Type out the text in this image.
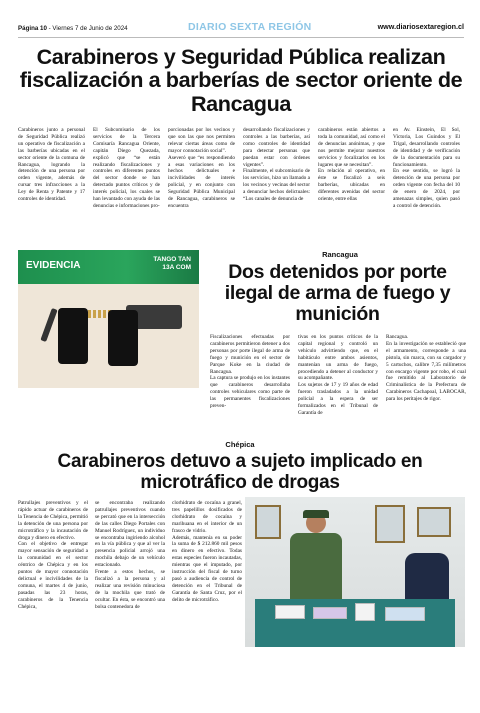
Página 10 - Viernes 7 de Junio de 2024	DIARIO SEXTA REGIÓN	www.diariosextaregion.cl
Carabineros y Seguridad Pública realizan fiscalización a barberías de sector oriente de Rancagua
Carabineros junto a personal de Seguridad Pública realizó un operativo de fiscalización a las barberías ubicadas en el sector oriente de la comuna de Rancagua, logrando la detención de una persona por orden vigente, además de cursar tres infracciones a la Ley de Renta y Patente y 17 controles de identidad.
El Subcomisario de los servicios de la Tercera Comisaría Rancagua Oriente, capitán Diego Quezada, explicó que “se están realizando fiscalizaciones y controles en diferentes puntos del sector donde se han detectado puntos críticos y de interés policial, los cuales se han levantado con ayuda de las denuncias e informaciones pro-
porcionadas por los vecinos y que son las que nos permiten relevar ciertas áreas como de mayor connotación social”.
Aseveró que “es respondiendo a esas variaciones en los hechos delictuales e incivilidades de interés policial, y en conjunto con Seguridad Pública Municipal de Rancagua, carabineros se encuentra
desarrollando fiscalizaciones y controles a las barberías, así como controles de identidad para detectar personas que puedan estar con órdenes vigentes”.
Finalmente, el subcomisario de los servicios, hizo un llamado a los vecinos y vecinas del sector a denunciar hechos delictuales: “Los canales de denuncia de
carabineros están abiertos a toda la comunidad, así como el de denuncias anónimas, y que nos permite mejorar nuestros servicios y focalizarlos en los lugares que se necesitan”.
En relación al operativo, en éste se fiscalizó a seis barberías, ubicadas en diferentes avenidas del sector oriente, entre ellas
en Av. Einstein, El Sol, Victoria, Los Guindos y El Trigal, desarrollando controles de identidad y de verificación de la documentación para su funcionamiento.
En ese sentido, se logró la detención de una persona por orden vigente con fecha del 10 de enero de 2024, por amenazas simples, quien pasó a control de detención.
EVIDENCIA
TANGO TAN
13A COM
Rancagua
Dos detenidos por porte ilegal de arma de fuego y munición
Fiscalizaciones efectuadas por carabineros permitieron detener a dos personas por porte ilegal de arma de fuego y munición en el sector de Parque Koke en la ciudad de Rancagua.
La captura se produjo en los instantes que carabineros desarrollaba controles vehiculares como parte de las permanentes fiscalizaciones preven-
tivas en los puntos críticos de la capital regional y controló un vehículo advirtiendo que, en el habitáculo entre ambos asientos, mantenían un arma de fuego, procediendo a detener al conductor y su acompañante.
Los sujetos de 17 y 19 años de edad fueron trasladados a la unidad policial a la espera de ser formalizados en el Tribunal de Garantía de
Rancagua.
En la investigación se estableció que el armamento, corresponde a una pistola, sin marca, con su cargador y 5 cartuchos, calibre 7,35 milímetros con encargo vigente por robo, el cual fue remitido al Laboratorio de Criminalística de la Prefectura de Carabineros Cachapoal, LABOCAR, para los peritajes de rigor.
Chépica
Carabineros detuvo a sujeto implicado en microtráfico de drogas
Patrullajes preventivos y el rápido actuar de carabineros de la Tenencia de Chépica, permitió la detención de una persona por microtráfico y la incautación de droga y dinero en efectivo.
Con el objetivo de entregar mayor sensación de seguridad a la comunidad en el sector céntrico de Chépica y en los puntos de mayor connotación delictual e incivilidades de la comuna, el martes 4 de junio, pasadas las 23 horas, carabineros de la Tenencia Chépica,
se encontraba realizando patrullajes preventivos cuando se percató que en la intersección de las calles Diego Portales con Manuel Rodríguez, un individuo se encontraba ingiriendo alcohol en la vía pública y que al ver la presencia policial arrojó una mochila debajo de un vehículo estacionado.
Frente a estos hechos, se fiscalizó a la persona y al realizar una revisión minuciosa de la mochila que trató de ocultar. En ésta, se encontró una bolsa contenedora de
clorhidrato de cocaína a granel, tres papelillos dosificados de clorhidrato de cocaína y marihuana en el interior de un frasco de vidrio.
Además, mantenía en su poder la suma de $ 212.860 mil pesos en dinero en efectivo. Todas estas especies fueron incautadas, mientras que el imputado, por instrucción del fiscal de turno pasó a audiencia de control de detención en el Tribunal de Garantía de Santa Cruz, por el delito de microtráfico.
